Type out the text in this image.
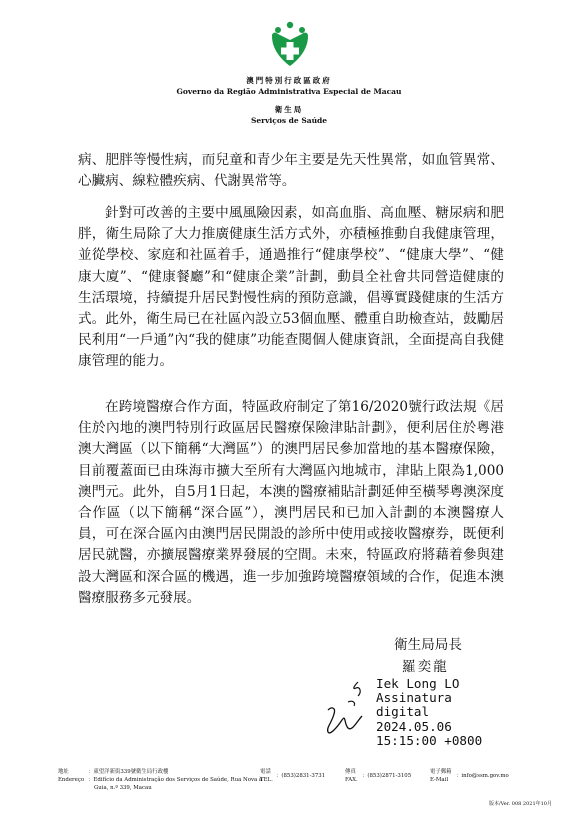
澳門特別行政區政府
Governo da Região Administrativa Especial de Macau
衛生局
Serviços de Saúde

病、肥胖等慢性病，而兒童和青少年主要是先天性異常，如血管異常、心臟病、線粒體疾病、代謝異常等。

針對可改善的主要中風風險因素，如高血脂、高血壓、糖尿病和肥胖，衛生局除了大力推廣健康生活方式外，亦積極推動自我健康管理，並從學校、家庭和社區着手，通過推行“健康學校”、“健康大學”、“健康大廈”、“健康餐廳”和“健康企業”計劃，動員全社會共同營造健康的生活環境，持續提升居民對慢性病的預防意識，倡導實踐健康的生活方式。此外，衛生局已在社區內設立53個血壓、體重自助檢查站，鼓勵居民利用“一戶通”內“我的健康”功能查閱個人健康資訊，全面提高自我健康管理的能力。

在跨境醫療合作方面，特區政府制定了第16/2020號行政法規《居住於內地的澳門特別行政區居民醫療保險津貼計劃》，便利居住於粵港澳大灣區（以下簡稱“大灣區”）的澳門居民參加當地的基本醫療保險，目前覆蓋面已由珠海市擴大至所有大灣區內地城市，津貼上限為1,000澳門元。此外，自5月1日起，本澳的醫療補貼計劃延伸至橫琴粵澳深度合作區（以下簡稱“深合區”），澳門居民和已加入計劃的本澳醫療人員，可在深合區內由澳門居民開設的診所中使用或接收醫療券，既便利居民就醫，亦擴展醫療業界發展的空間。未來，特區政府將藉着參與建設大灣區和深合區的機遇，進一步加強跨境醫療領域的合作，促進本澳醫療服務多元發展。

衛生局局長
羅奕龍
Iek Long LO
Assinatura
digital
2024.05.06
15:15:00 +0800
地址
Endereço
：東望洋新街339號衛生局行政樓
：Edifício da Administração dos Serviços de Saúde, Rua Nova à
Guia, n.º 339, Macau
電話
TEL.
：(853)2831-3731
傳真
FAX.
：(853)2871-3105
電子郵箱
E-Mail
：info@ssm.gov.mo
版本/Ver. 008 2021年10月
